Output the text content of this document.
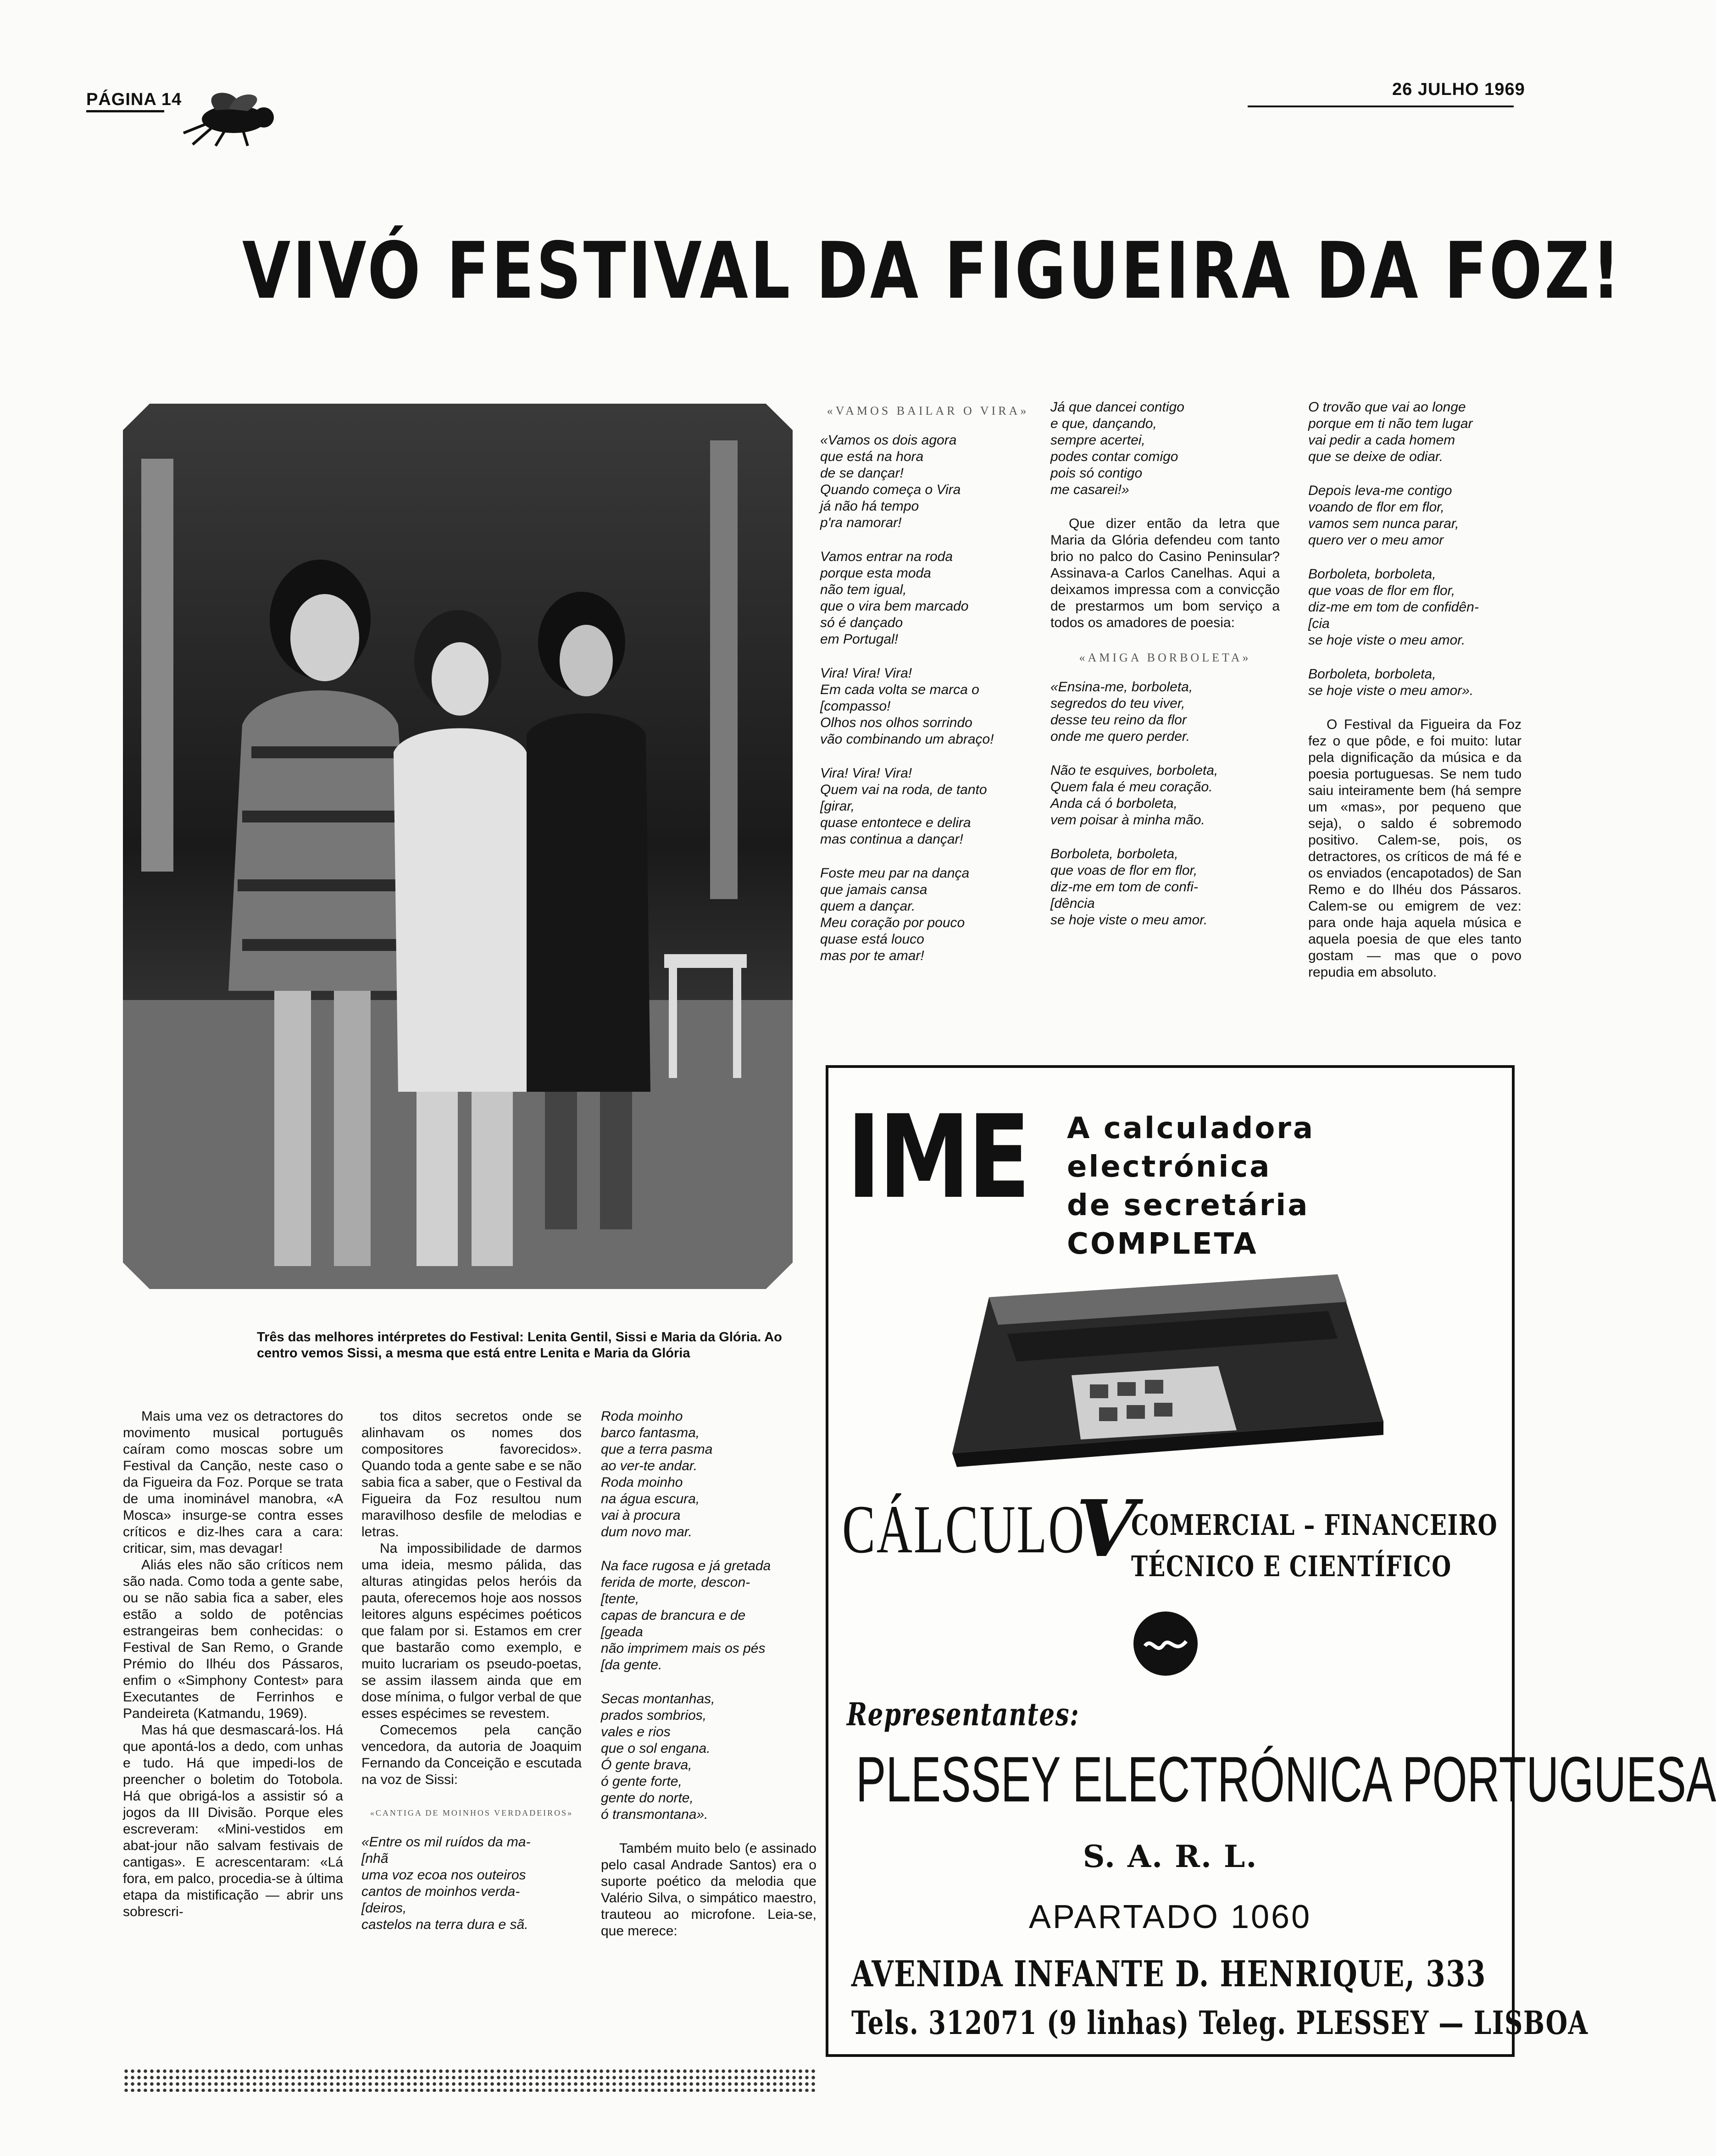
PÁGINA 14
26 JULHO 1969
VIVÓ FESTIVAL DA FIGUEIRA DA FOZ!
Três das melhores intérpretes do Festival: Lenita Gentil, Sissi e Maria da Glória. Ao centro vemos Sissi, a mesma que está entre Lenita e Maria da Glória
«VAMOS BAILAR O VIRA»
«Vamos os dois agora
que está na hora
de se dançar!
Quando começa o Vira
já não há tempo
p'ra namorar!
Vamos entrar na roda
porque esta moda
não tem igual,
que o vira bem marcado
só é dançado
em Portugal!
Vira! Vira! Vira!
Em cada volta se marca o
[compasso!
Olhos nos olhos sorrindo
vão combinando um abraço!
Vira! Vira! Vira!
Quem vai na roda, de tanto
[girar,
quase entontece e delira
mas continua a dançar!
Foste meu par na dança
que jamais cansa
quem a dançar.
Meu coração por pouco
quase está louco
mas por te amar!
Já que dancei contigo
e que, dançando,
sempre acertei,
podes contar comigo
pois só contigo
me casarei!»

Que dizer então da letra que Maria da Glória defendeu com tanto brio no palco do Casino Peninsular? Assinava-a Carlos Canelhas. Aqui a deixamos impressa com a convicção de prestarmos um bom serviço a todos os amadores de poesia:

«AMIGA BORBOLETA»
«Ensina-me, borboleta,
segredos do teu viver,
desse teu reino da flor
onde me quero perder.
Não te esquives, borboleta,
Quem fala é meu coração.
Anda cá ó borboleta,
vem poisar à minha mão.
Borboleta, borboleta,
que voas de flor em flor,
diz-me em tom de confi-
[dência
se hoje viste o meu amor.
O trovão que vai ao longe
porque em ti não tem lugar
vai pedir a cada homem
que se deixe de odiar.
Depois leva-me contigo
voando de flor em flor,
vamos sem nunca parar,
quero ver o meu amor
Borboleta, borboleta,
que voas de flor em flor,
diz-me em tom de confidên-
[cia
se hoje viste o meu amor.
Borboleta, borboleta,
se hoje viste o meu amor».

O Festival da Figueira da Foz fez o que pôde, e foi muito: lutar pela dignificação da música e da poesia portuguesas. Se nem tudo saiu inteiramente bem (há sempre um «mas», por pequeno que seja), o saldo é sobremodo positivo. Calem-se, pois, os detractores, os críticos de má fé e os enviados (encapotados) de San Remo e do Ilhéu dos Pássaros. Calem-se ou emigrem de vez: para onde haja aquela música e aquela poesia de que eles tanto gostam — mas que o povo repudia em absoluto.

Mais uma vez os detractores do movimento musical português caíram como moscas sobre um Festival da Canção, neste caso o da Figueira da Foz. Porque se trata de uma inominável manobra, «A Mosca» insurge-se contra esses críticos e diz-lhes cara a cara: criticar, sim, mas devagar!

Aliás eles não são críticos nem são nada. Como toda a gente sabe, ou se não sabia fica a saber, eles estão a soldo de potências estrangeiras bem conhecidas: o Festival de San Remo, o Grande Prémio do Ilhéu dos Pássaros, enfim o «Simphony Contest» para Executantes de Ferrinhos e Pandeireta (Katmandu, 1969).

Mas há que desmascará-los. Há que apontá-los a dedo, com unhas e tudo. Há que impedi-los de preencher o boletim do Totobola. Há que obrigá-los a assistir só a jogos da III Divisão. Porque eles escreveram: «Mini-vestidos em abat-jour não salvam festivais de cantigas». E acrescentaram: «Lá fora, em palco, procedia-se à última etapa da mistificação — abrir uns sobrescri-

tos ditos secretos onde se alinhavam os nomes dos compositores favorecidos». Quando toda a gente sabe e se não sabia fica a saber, que o Festival da Figueira da Foz resultou num maravilhoso desfile de melodias e letras.

Na impossibilidade de darmos uma ideia, mesmo pálida, das alturas atingidas pelos heróis da pauta, oferecemos hoje aos nossos leitores alguns espécimes poéticos que falam por si. Estamos em crer que bastarão como exemplo, e muito lucrariam os pseudo-poetas, se assim ilassem ainda que em dose mínima, o fulgor verbal de que esses espécimes se revestem.

Comecemos pela canção vencedora, da autoria de Joaquim Fernando da Conceição e escutada na voz de Sissi:

«CANTIGA DE MOINHOS VERDADEIROS»
«Entre os mil ruídos da ma-
[nhã
uma voz ecoa nos outeiros
cantos de moinhos verda-
[deiros,
castelos na terra dura e sã.
Roda moinho
barco fantasma,
que a terra pasma
ao ver-te andar.
Roda moinho
na água escura,
vai à procura
dum novo mar.
Na face rugosa e já gretada
ferida de morte, descon-
[tente,
capas de brancura e de
[geada
não imprimem mais os pés
[da gente.
Secas montanhas,
prados sombrios,
vales e rios
que o sol engana.
Ó gente brava,
ó gente forte,
gente do norte,
ó transmontana».

Também muito belo (e assinado pelo casal Andrade Santos) era o suporte poético da melodia que Valério Silva, o simpático maestro, trauteou ao microfone. Leia-se, que merece:

IME A calculadora electrónica
de secretária COMPLETA
CÁLCULO
V
COMERCIAL – FINANCEIRO
TÉCNICO E CIENTÍFICO
Representantes:
PLESSEY ELECTRÓNICA PORTUGUESA
S. A. R. L.
APARTADO 1060
AVENIDA INFANTE D. HENRIQUE, 333
Tels. 312071 (9 linhas) Teleg. PLESSEY — LISBOA
